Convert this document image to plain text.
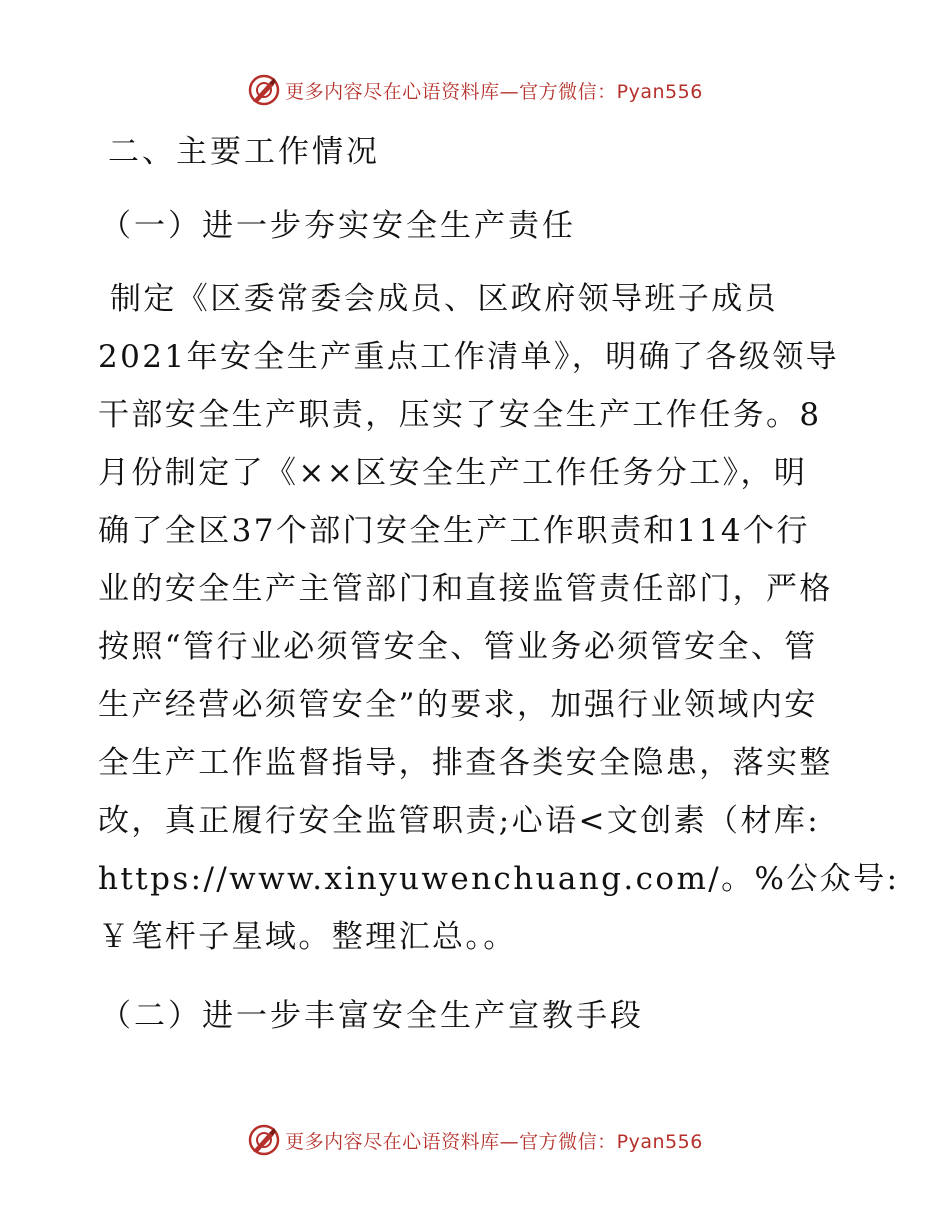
更多内容尽在心语资料库—官方微信：Pyan556
二、主要工作情况
（一）进一步夯实安全生产责任
制定《区委常委会成员、区政府领导班子成员
2021年安全生产重点工作清单》，明确了各级领导
干部安全生产职责，压实了安全生产工作任务。8
月份制定了《××区安全生产工作任务分工》，明
确了全区37个部门安全生产工作职责和114个行
业的安全生产主管部门和直接监管责任部门，严格
按照“管行业必须管安全、管业务必须管安全、管
生产经营必须管安全”的要求，加强行业领域内安
全生产工作监督指导，排查各类安全隐患，落实整
改，真正履行安全监管职责;心语<文创素（材库:
https://www.xinyuwenchuang.com/。%公众号:
￥笔杆子星域。整理汇总。。
（二）进一步丰富安全生产宣教手段
更多内容尽在心语资料库—官方微信：Pyan556
